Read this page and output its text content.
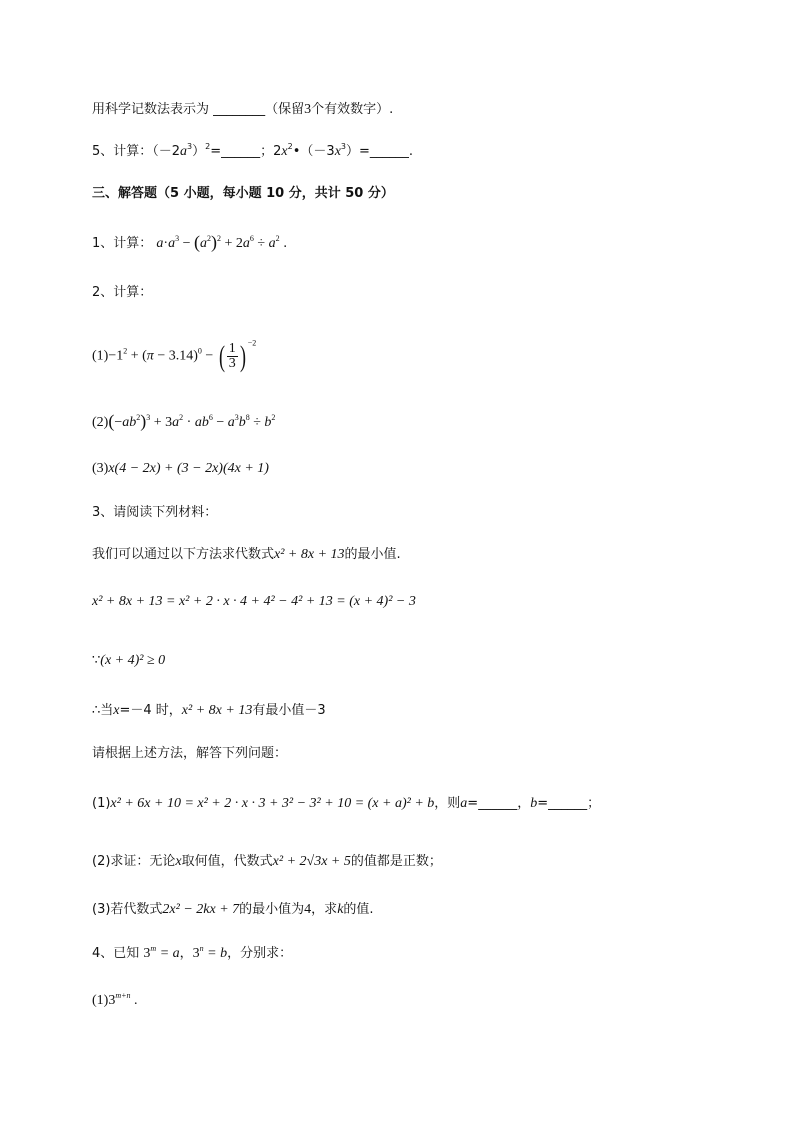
用科学记数法表示为 ________（保留3个有效数字）.
5、计算：$(-2a^3)^2=\_\_\_\_\_\_$；$2x^2•(-3x^3)=\_\_\_\_\_\_$.
三、解答题（5 小题，每小题 10 分，共计 50 分）
1、计算： $a\cdot a^3 - (a^2)^2 + 2a^6 \div a^2$ .
2、计算：
$(1)-1^2 + (\pi - 3.14)^0$ − ( $\frac{1}{3}$ ) $^{-2}$
$(2)(-ab^2)^3 + 3a^2 \cdot ab^6 - a^3b^8 \div b^2$
(3)x(4 − 2x) + (3 − 2x)(4x + 1)
3、请阅读下列材料：
我们可以通过以下方法求代数式x² + 8x + 13的最小值.
x² + 8x + 13 = x² + 2 · x · 4 + 4² − 4² + 13 = (x + 4)² − 3
∵(x + 4)² ≥ 0
∴当x=－4 时，x² + 8x + 13有最小值－3
请根据上述方法，解答下列问题：
(1)x² + 6x + 10 = x² + 2 · x · 3 + 3² − 3² + 10 = (x + a)² + b，则a=______，b=______；
(2)求证：无论x取何值，代数式x² + 2√3x + 5的值都是正数；
(3)若代数式2x² − 2kx + 7的最小值为4，求k的值.
4、已知 $3^m = a$，$3^n = b$，分别求：
$(1)3^{m+n}$ .
